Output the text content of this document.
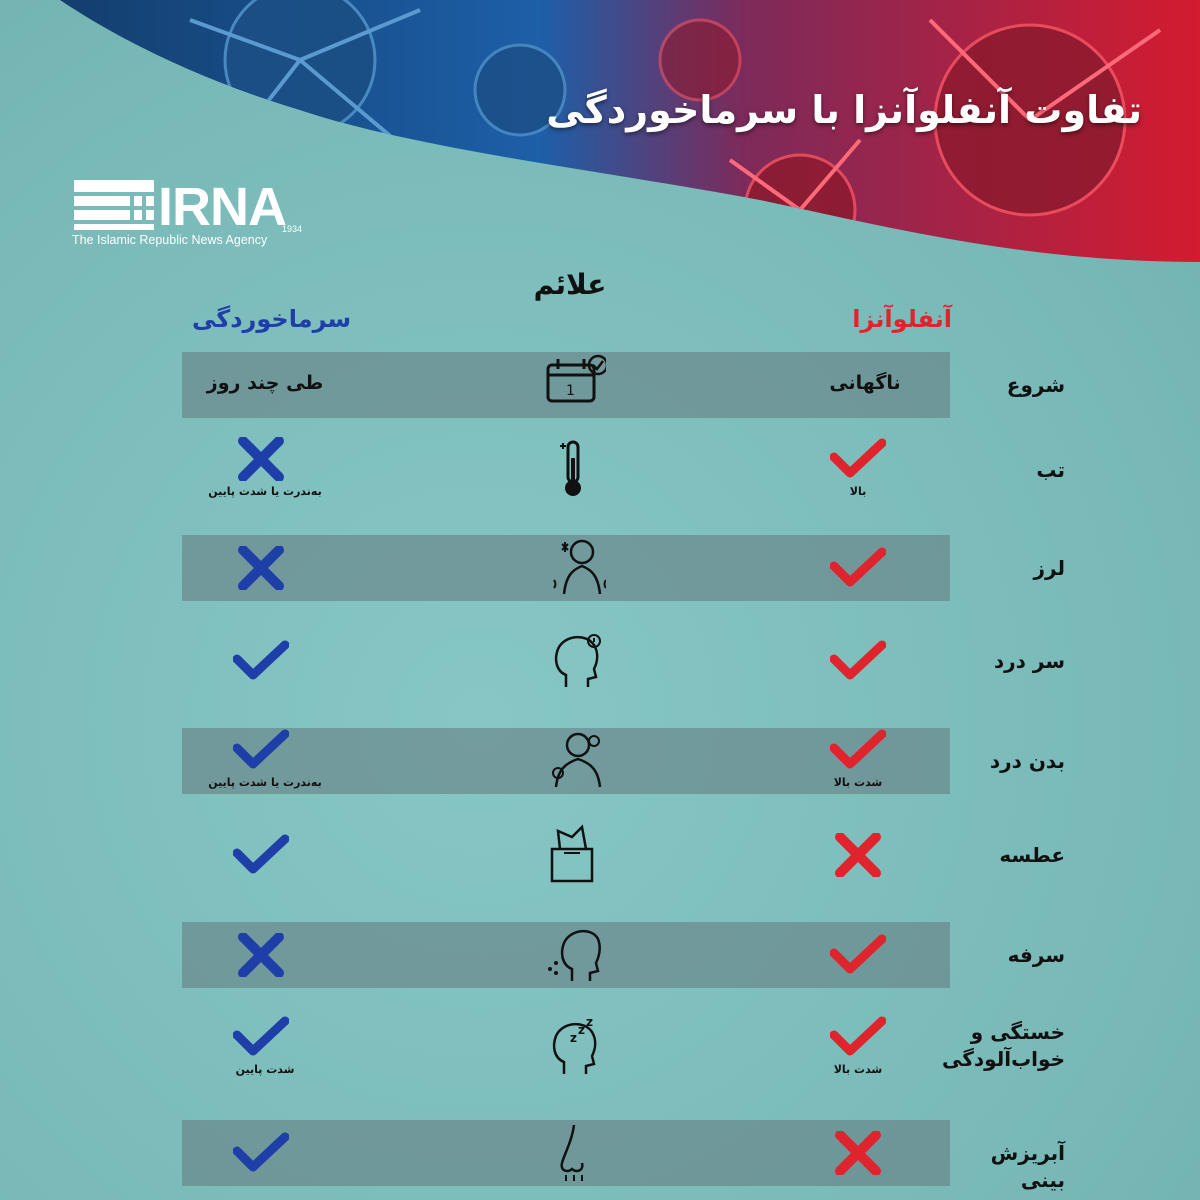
تفاوت آنفلوآنزا با سرماخوردگی
IRNA
The Islamic Republic News Agency
1934
علائم
آنفلوآنزا
سرماخوردگی
شروع
1	ناگهانی
طی چند روز
تب
بالا
به‌ندرت یا شدت پایین
لرز
سر درد
بدن درد
شدت بالا
به‌ندرت یا شدت پایین
عطسه
سرفه
خستگی و
خواب‌آلودگی
z
z
z
شدت بالا
شدت پایین
آبریزش بینی
